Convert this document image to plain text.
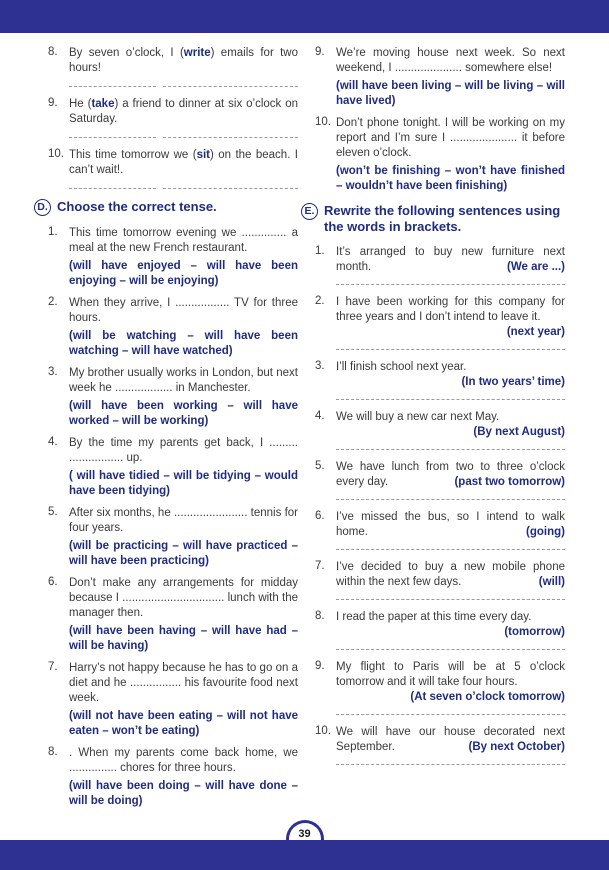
8. By seven o’clock, I (write) emails for two hours!
9. He (take) a friend to dinner at six o’clock on Saturday.
10. This time tomorrow we (sit) on the beach. I can’t wait!.
D. Choose the correct tense.
1. This time tomorrow evening we .............. a meal at the new French restaurant.
(will have enjoyed – will have been enjoying – will be enjoying)
2. When they arrive, I ................. TV for three hours.
(will be watching – will have been watching – will have watched)
3. My brother usually works in London, but next week he .................. in Manchester.
(will have been working – will have worked – will be working)
4. By the time my parents get back, I ......... ................. up.
( will have tidied – will be tidying – would have been tidying)
5. After six months, he ....................... tennis for four years.
(will be practicing – will have practiced – will have been practicing)
6. Don’t make any arrangements for midday because I ................................ lunch with the manager then.
(will have been having – will have had – will be having)
7. Harry’s not happy because he has to go on a diet and he ................ his favourite food next week.
(will not have been eating – will not have eaten – won’t be eating)
8. . When my parents come back home, we ............... chores for three hours.
(will have been doing – will have done – will be doing)
9. We’re moving house next week. So next weekend, I ..................... somewhere else!
(will have been living – will be living – will have lived)
10. Don’t phone tonight. I will be working on my report and I’m sure I ..................... it before eleven o’clock.
(won’t be finishing – won’t have finished – wouldn’t have been finishing)
E. Rewrite the following sentences using the words in brackets.
1. It’s arranged to buy new furniture next month.	(We are ...)
2. I have been working for this company for three years and I don’t intend to leave it.
(next year)
3. I’ll finish school next year.
(In two years’ time)
4. We will buy a new car next May.
(By next August)
5. We have lunch from two to three o’clock every day.	(past two tomorrow)
6. I’ve missed the bus, so I intend to walk home.	(going)
7. I’ve decided to buy a new mobile phone within the next few days.	(will)
8. I read the paper at this time every day.
(tomorrow)
9. My flight to Paris will be at 5 o’clock tomorrow and it will take four hours.
(At seven o’clock tomorrow)
10. We will have our house decorated next September.	(By next October)
39
